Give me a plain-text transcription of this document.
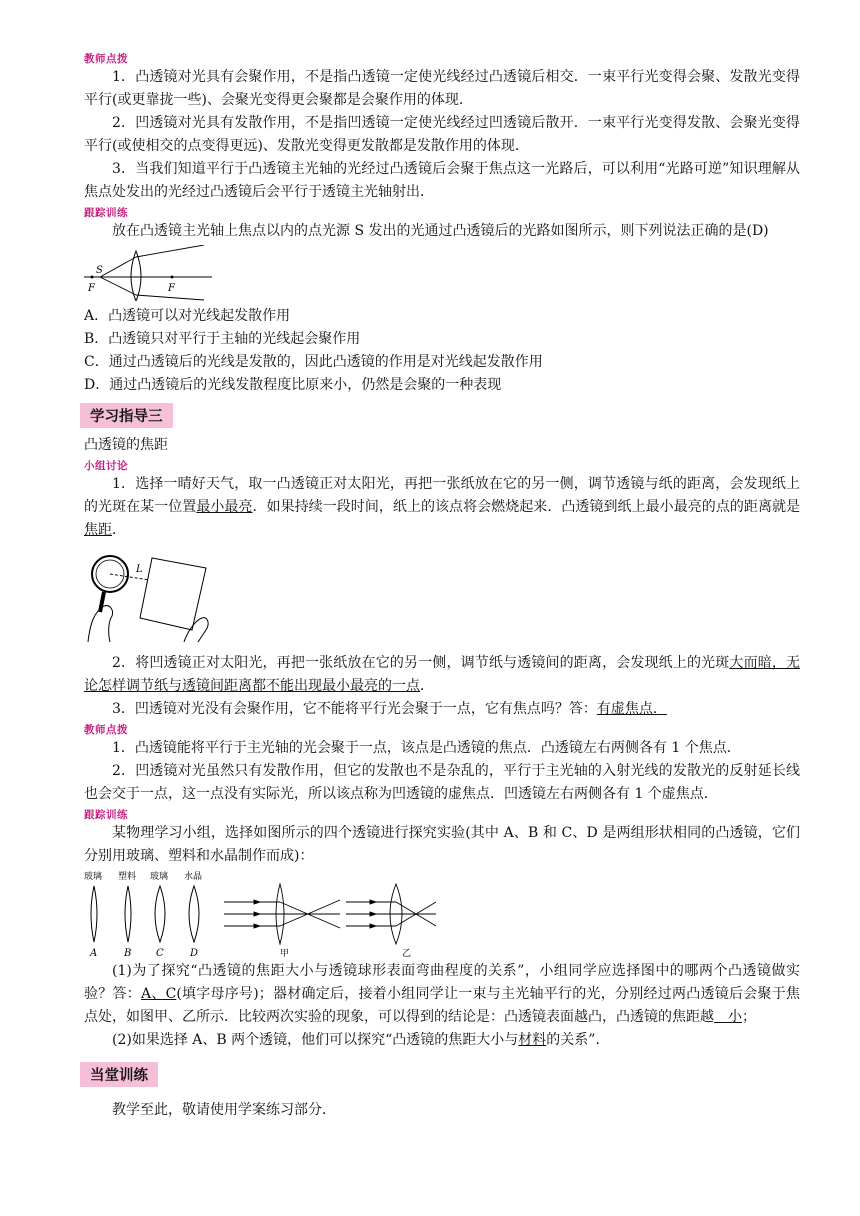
教师点拨

1．凸透镜对光具有会聚作用，不是指凸透镜一定使光线经过凸透镜后相交．一束平行光变得会聚、发散光变得平行(或更靠拢一些)、会聚光变得更会聚都是会聚作用的体现．

2．凹透镜对光具有发散作用，不是指凹透镜一定使光线经过凹透镜后散开．一束平行光变得发散、会聚光变得平行(或使相交的点变得更远)、发散光变得更发散都是发散作用的体现．

3．当我们知道平行于凸透镜主光轴的光经过凸透镜后会聚于焦点这一光路后，可以利用“光路可逆”知识理解从焦点处发出的光经过凸透镜后会平行于透镜主光轴射出．

跟踪训练

放在凸透镜主光轴上焦点以内的点光源 S 发出的光通过凸透镜后的光路如图所示，则下列说法正确的是(D)

S
F	F

A．凸透镜可以对光线起发散作用

B．凸透镜只对平行于主轴的光线起会聚作用

C．通过凸透镜后的光线是发散的，因此凸透镜的作用是对光线起发散作用

D．通过凸透镜后的光线发散程度比原来小，仍然是会聚的一种表现

学习指导三

凸透镜的焦距

小组讨论

1．选择一晴好天气，取一凸透镜正对太阳光，再把一张纸放在它的另一侧，调节透镜与纸的距离，会发现纸上的光斑在某一位置最小最亮．如果持续一段时间，纸上的该点将会燃烧起来．凸透镜到纸上最小最亮的点的距离就是焦距．

L

2．将凹透镜正对太阳光，再把一张纸放在它的另一侧，调节纸与透镜间的距离，会发现纸上的光斑大而暗，无论怎样调节纸与透镜间距离都不能出现最小最亮的一点．

3．凹透镜对光没有会聚作用，它不能将平行光会聚于一点，它有焦点吗？答：有虚焦点．

教师点拨

1．凸透镜能将平行于主光轴的光会聚于一点，该点是凸透镜的焦点．凸透镜左右两侧各有 1 个焦点．

2．凹透镜对光虽然只有发散作用，但它的发散也不是杂乱的，平行于主光轴的入射光线的发散光的反射延长线也会交于一点，这一点没有实际光，所以该点称为凹透镜的虚焦点．凹透镜左右两侧各有 1 个虚焦点．

跟踪训练

某物理学习小组，选择如图所示的四个透镜进行探究实验(其中 A、B 和 C、D 是两组形状相同的凸透镜，它们分别用玻璃、塑料和水晶制作而成)：

玻璃 塑料 玻璃 水晶
A	B C	D	甲	乙

(1)为了探究“凸透镜的焦距大小与透镜球形表面弯曲程度的关系”，小组同学应选择图中的哪两个凸透镜做实验？答：A、C(填字母序号)；器材确定后，接着小组同学让一束与主光轴平行的光，分别经过两凸透镜后会聚于焦点处，如图甲、乙所示．比较两次实验的现象，可以得到的结论是：凸透镜表面越凸，凸透镜的焦距越　小；

(2)如果选择 A、B 两个透镜，他们可以探究“凸透镜的焦距大小与材料的关系”．

当堂训练

教学至此，敬请使用学案练习部分．
